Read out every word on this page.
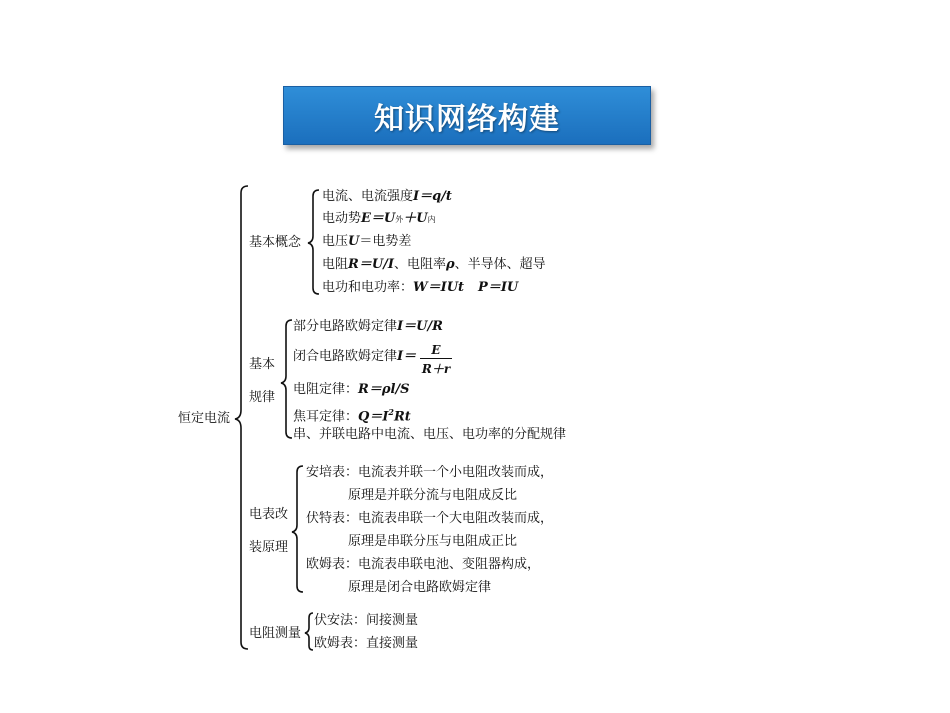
知识网络构建
恒定电流
基本概念
电流、电流强度I＝q/t
电动势E＝U外＋U内
电压U＝电势差
电阻R＝U/I、电阻率ρ、半导体、超导
电功和电功率：W＝IUt P＝IU
基本
规律
部分电路欧姆定律I＝U/R
闭合电路欧姆定律I＝	E
R＋r
电阻定律：R＝ρl/S
焦耳定律：$Q=I^2Rt$
串、并联电路中电流、电压、电功率的分配规律
电表改
装原理
安培表：电流表并联一个小电阻改装而成，
原理是并联分流与电阻成反比
伏特表：电流表串联一个大电阻改装而成，
原理是串联分压与电阻成正比
欧姆表：电流表串联电池、变阻器构成，
原理是闭合电路欧姆定律
电阻测量
伏安法：间接测量
欧姆表：直接测量
